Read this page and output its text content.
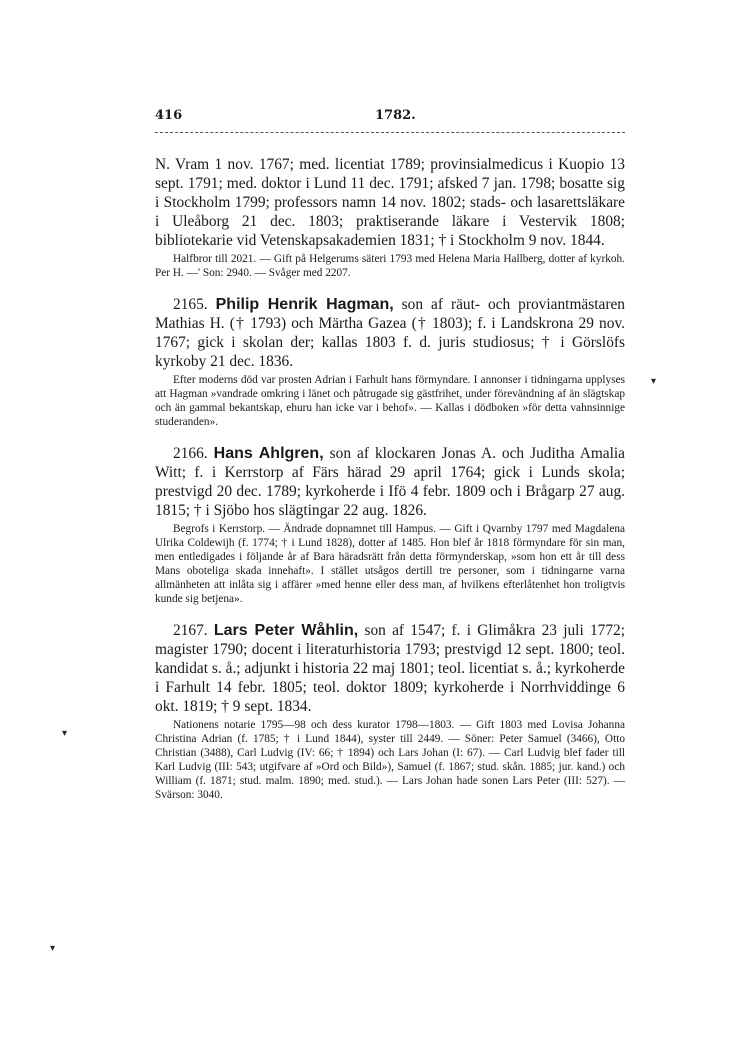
416	1782.

N. Vram 1 nov. 1767; med. licentiat 1789; provinsialmedicus i Kuopio 13 sept. 1791; med. doktor i Lund 11 dec. 1791; afsked 7 jan. 1798; bosatte sig i Stockholm 1799; professors namn 14 nov. 1802; stads- och lasarettsläkare i Uleåborg 21 dec. 1803; praktiserande läkare i Vestervik 1808; bibliotekarie vid Vetenskapsakademien 1831; † i Stockholm 9 nov. 1844.

Halfbror till 2021. — Gift på Helgerums säteri 1793 med Helena Maria Hallberg, dotter af kyrkoh. Per H. —' Son: 2940. — Svåger med 2207.

2165. Philip Henrik Hagman, son af räut- och proviantmästaren Mathias H. († 1793) och Märtha Gazea († 1803); f. i Landskrona 29 nov. 1767; gick i skolan der; kallas 1803 f. d. juris studiosus; † i Görslöfs kyrkoby 21 dec. 1836.

Efter moderns död var prosten Adrian i Farhult hans förmyndare. I annonser i tidningarna upplyses att Hagman »vandrade omkring i länet och påtrugade sig gästfrihet, under förevändning af än slägtskap och än gammal bekantskap, ehuru han icke var i behof». — Kallas i dödboken »för detta vahnsinnige studeranden».

2166. Hans Ahlgren, son af klockaren Jonas A. och Juditha Amalia Witt; f. i Kerrstorp af Färs härad 29 april 1764; gick i Lunds skola; prestvigd 20 dec. 1789; kyrkoherde i Ifö 4 febr. 1809 och i Brågarp 27 aug. 1815; † i Sjöbo hos slägtingar 22 aug. 1826.

Begrofs i Kerrstorp. — Ändrade dopnamnet till Hampus. — Gift i Qvarnby 1797 med Magdalena Ulrika Coldewijh (f. 1774; † i Lund 1828), dotter af 1485. Hon blef år 1818 förmyndare för sin man, men entledigades i följande år af Bara häradsrätt från detta förmynderskap, »som hon ett år till dess Mans oboteliga skada innehaft». I stället utsågos dertill tre personer, som i tidningarne varna allmänheten att inlåta sig i affärer »med henne eller dess man, af hvilkens efterlåtenhet hon troligtvis kunde sig betjena».

2167. Lars Peter Wåhlin, son af 1547; f. i Glimåkra 23 juli 1772; magister 1790; docent i literaturhistoria 1793; prestvigd 12 sept. 1800; teol. kandidat s. å.; adjunkt i historia 22 maj 1801; teol. licentiat s. å.; kyrkoherde i Farhult 14 febr. 1805; teol. doktor 1809; kyrkoherde i Norrhviddinge 6 okt. 1819; † 9 sept. 1834.

Nationens notarie 1795—98 och dess kurator 1798—1803. — Gift 1803 med Lovisa Johanna Christina Adrian (f. 1785; † i Lund 1844), syster till 2449. — Söner: Peter Samuel (3466), Otto Christian (3488), Carl Ludvig (IV: 66; † 1894) och Lars Johan (I: 67). — Carl Ludvig blef fader till Karl Ludvig (III: 543; utgifvare af »Ord och Bild»), Samuel (f. 1867; stud. skån. 1885; jur. kand.) och William (f. 1871; stud. malm. 1890; med. stud.). — Lars Johan hade sonen Lars Peter (III: 527). — Svärson: 3040.

▾
▾
▾
